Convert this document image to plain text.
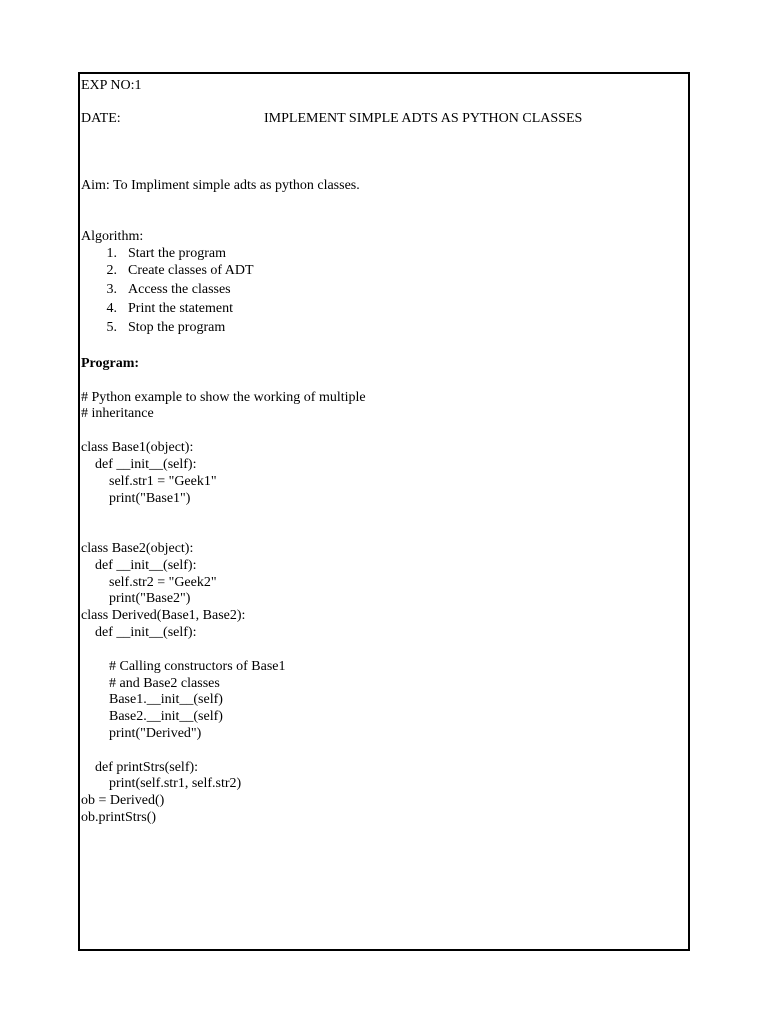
EXP NO:1
DATE:	IMPLEMENT SIMPLE ADTS AS PYTHON CLASSES
Aim: To Impliment simple adts as python classes.
Algorithm:
1. Start the program
2. Create classes of ADT
3. Access the classes
4. Print the statement
5. Stop the program
Program:
# Python example to show the working of multiple
# inheritance
class Base1(object):
def __init__(self):
self.str1 = "Geek1"
print("Base1")
class Base2(object):
def __init__(self):
self.str2 = "Geek2"
print("Base2")
class Derived(Base1, Base2):
def __init__(self):
# Calling constructors of Base1
# and Base2 classes
Base1.__init__(self)
Base2.__init__(self)
print("Derived")
def printStrs(self):
print(self.str1, self.str2)
ob = Derived()
ob.printStrs()
